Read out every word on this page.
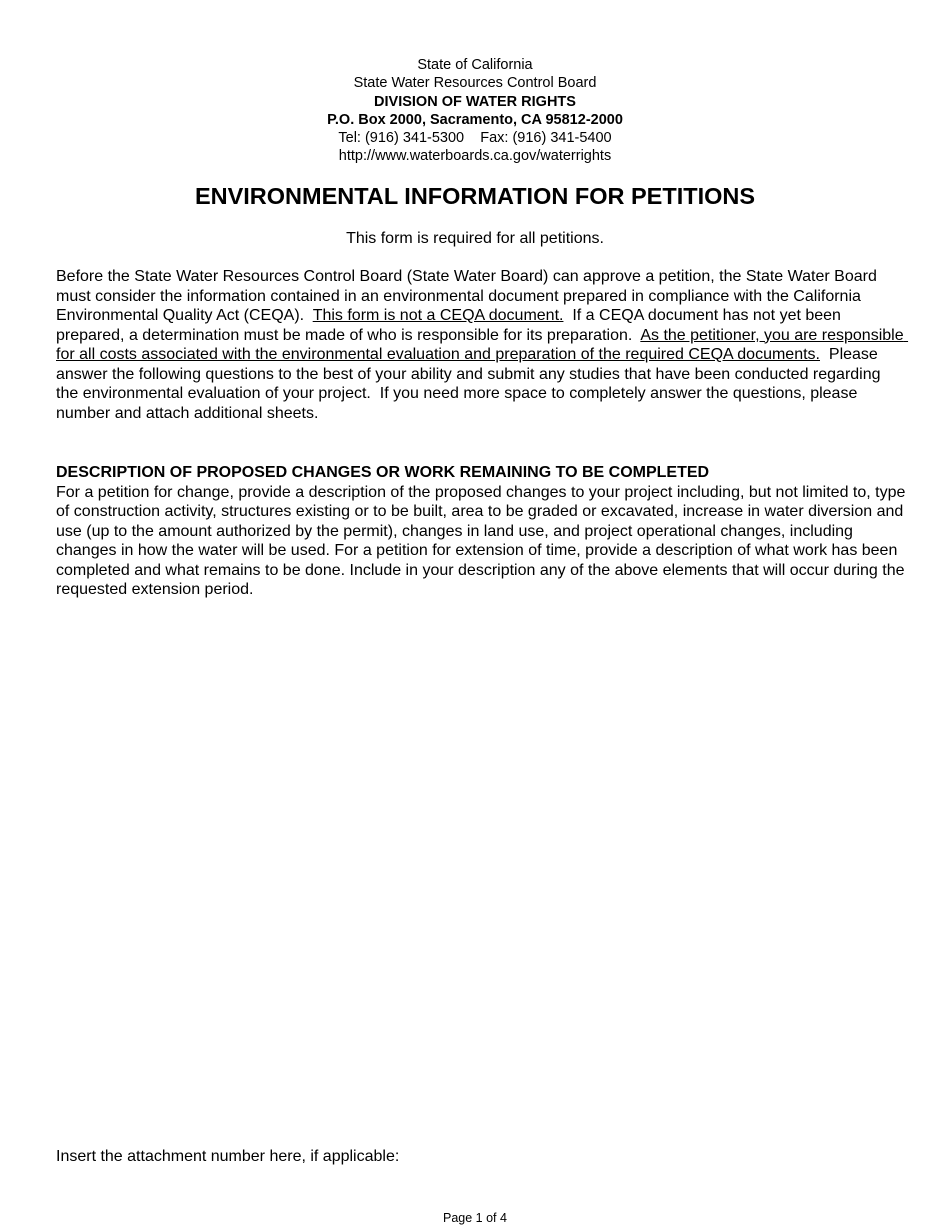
State of California
State Water Resources Control Board
DIVISION OF WATER RIGHTS
P.O. Box 2000, Sacramento, CA 95812-2000
Tel: (916) 341-5300    Fax: (916) 341-5400
http://www.waterboards.ca.gov/waterrights
ENVIRONMENTAL INFORMATION FOR PETITIONS
This form is required for all petitions.

Before the State Water Resources Control Board (State Water Board) can approve a petition, the State Water Board must consider the information contained in an environmental document prepared in compliance with the California Environmental Quality Act (CEQA).  This form is not a CEQA document.  If a CEQA document has not yet been prepared, a determination must be made of who is responsible for its preparation.  As the petitioner, you are responsible for all costs associated with the environmental evaluation and preparation of the required CEQA documents.  Please answer the following questions to the best of your ability and submit any studies that have been conducted regarding the environmental evaluation of your project.  If you need more space to completely answer the questions, please number and attach additional sheets.

DESCRIPTION OF PROPOSED CHANGES OR WORK REMAINING TO BE COMPLETED

For a petition for change, provide a description of the proposed changes to your project including, but not limited to, type of construction activity, structures existing or to be built, area to be graded or excavated, increase in water diversion and use (up to the amount authorized by the permit), changes in land use, and project operational changes, including changes in how the water will be used. For a petition for extension of time, provide a description of what work has been completed and what remains to be done. Include in your description any of the above elements that will occur during the requested extension period.

Insert the attachment number here, if applicable:
Page 1 of 4
